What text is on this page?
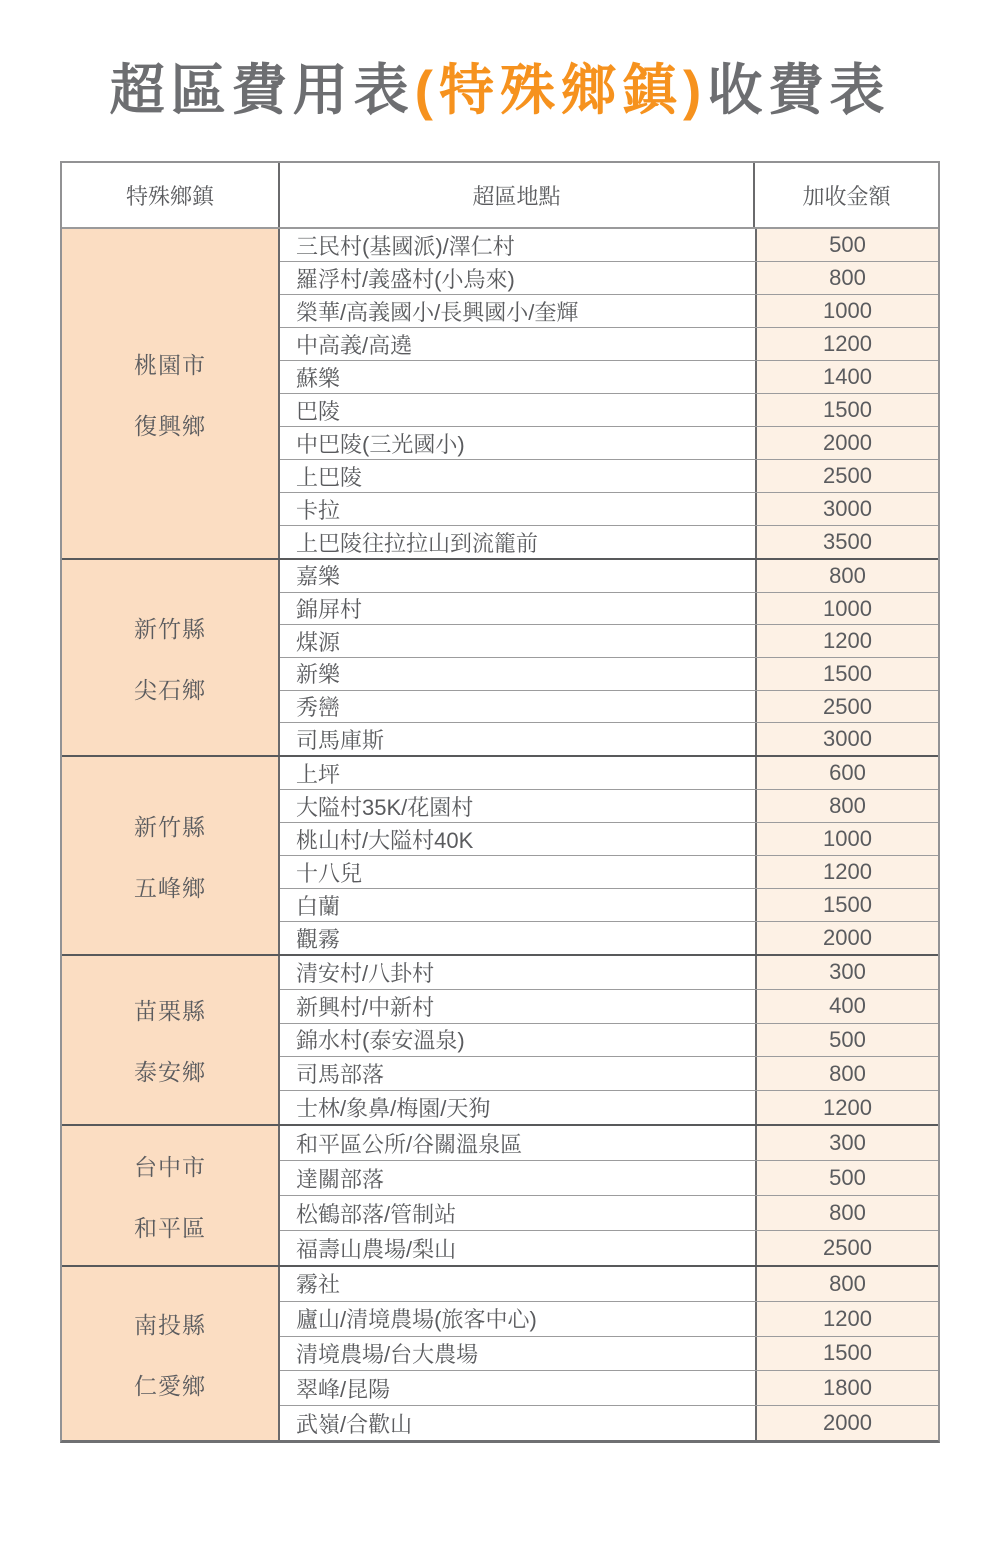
超區費用表(特殊鄉鎮)收費表
特殊鄉鎮	超區地點	加收金額
桃園市
復興鄉
三民村(基國派)/澤仁村	500
羅浮村/義盛村(小烏來)	800
榮華/高義國小/長興國小/奎輝	1000
中高義/高遶	1200
蘇樂	1400
巴陵	1500
中巴陵(三光國小)	2000
上巴陵	2500
卡拉	3000
上巴陵往拉拉山到流籠前	3500
新竹縣
尖石鄉
嘉樂	800
錦屏村	1000
煤源	1200
新樂	1500
秀巒	2500
司馬庫斯	3000
新竹縣
五峰鄉
上坪	600
大隘村35K/花園村	800
桃山村/大隘村40K	1000
十八兒	1200
白蘭	1500
觀霧	2000
苗栗縣
泰安鄉
清安村/八卦村	300
新興村/中新村	400
錦水村(泰安溫泉)	500
司馬部落	800
士林/象鼻/梅園/天狗	1200
台中市
和平區
和平區公所/谷關溫泉區	300
達關部落	500
松鶴部落/管制站	800
福壽山農場/梨山	2500
南投縣
仁愛鄉
霧社	800
廬山/清境農場(旅客中心)	1200
清境農場/台大農場	1500
翠峰/昆陽	1800
武嶺/合歡山	2000
